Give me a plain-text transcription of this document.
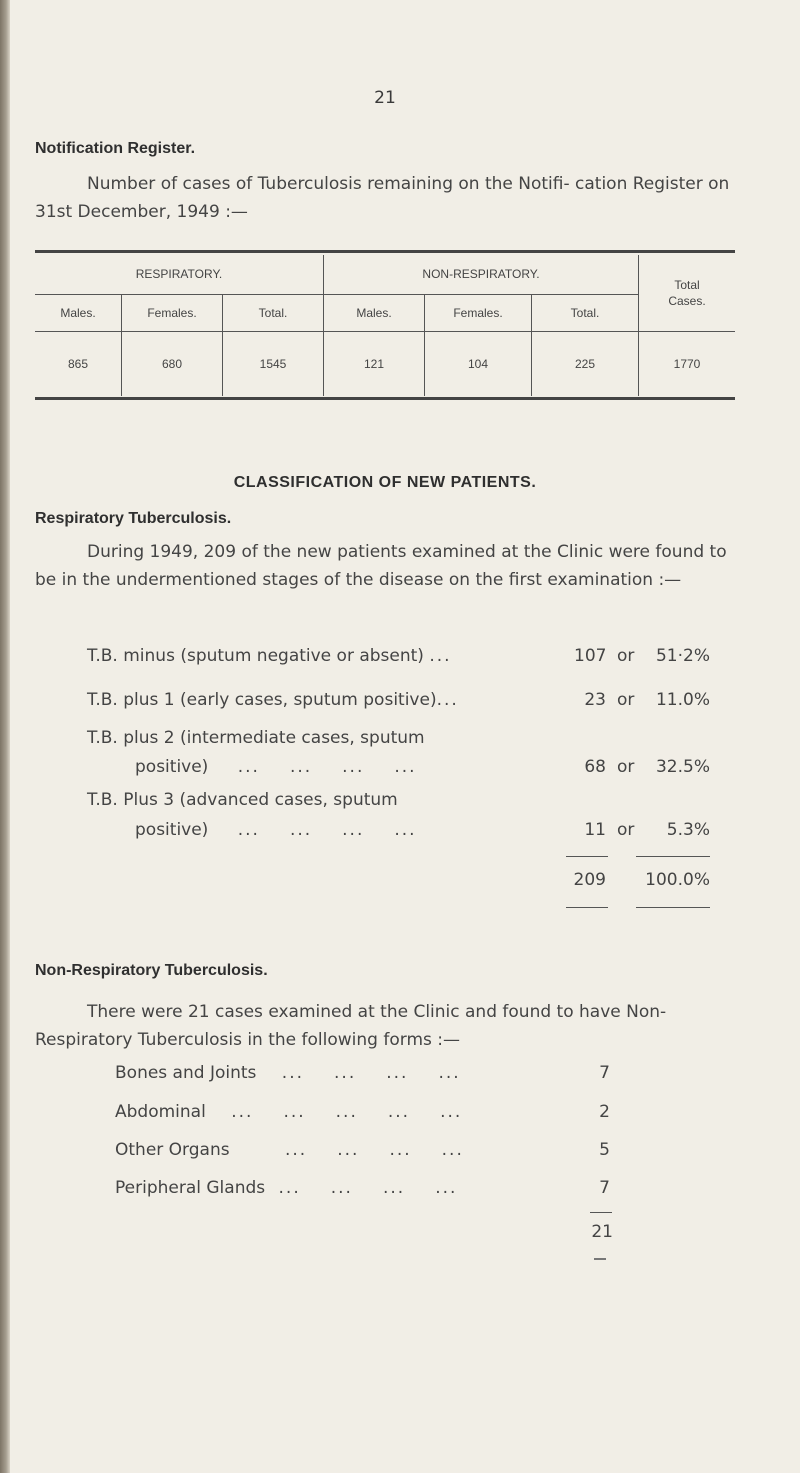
21
Notification Register.
Number of cases of Tuberculosis remaining on the Notifi- cation Register on 31st December, 1949 :—

RESPIRATORY.			NON-RESPIRATORY.			Total
Cases.
Males.	Females.	Total.	Males.	Females.	Total.	
865	680	1545	121	104	225	1770

CLASSIFICATION OF NEW PATIENTS.
Respiratory Tuberculosis.
During 1949, 209 of the new patients examined at the Clinic were found to be in the undermentioned stages of the disease on the first examination :—
T.B. minus (sputum negative or absent) ...	107 or	51·2%
T.B. plus 1 (early cases, sputum positive)...	23 or	11.0%
T.B. plus 2 (intermediate cases, sputum
positive) ... ... ... ...	68 or	32.5%
T.B. Plus 3 (advanced cases, sputum
positive) ... ... ... ...	11 or	5.3%
209	100.0%
Non-Respiratory Tuberculosis.
There were 21 cases examined at the Clinic and found to have Non-Respiratory Tuberculosis in the following forms :—
Bones and Joints ... ... ... ...	7
Abdominal ... ... ... ... ...	2
Other Organs	... ... ... ...	5
Peripheral Glands ... ... ... ...	7
21
